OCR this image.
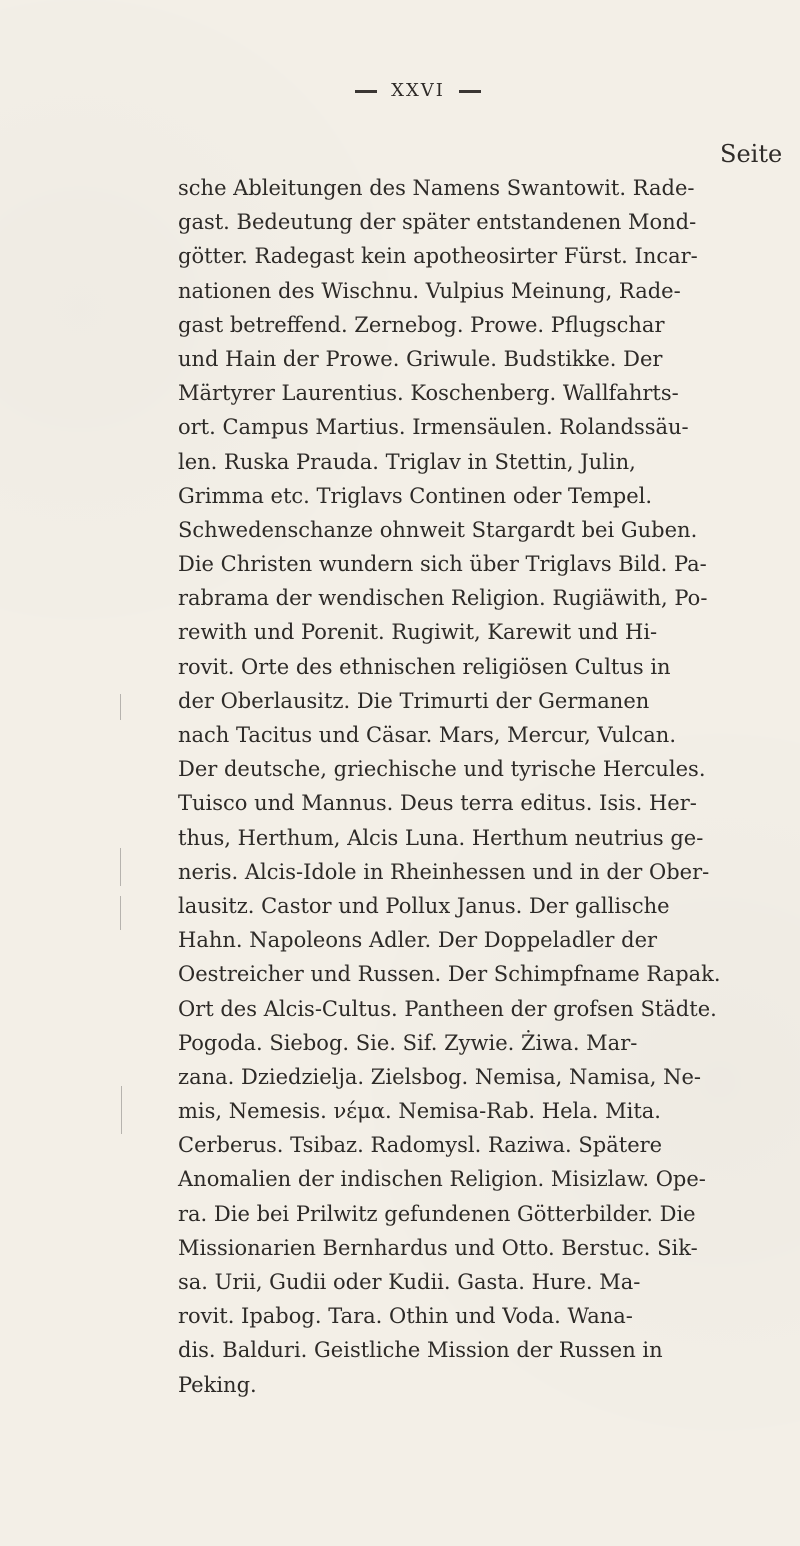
XXVI
Seite
sche Ableitungen des Namens Swantowit. Rade-
gast. Bedeutung der später entstandenen Mond-
götter. Radegast kein apotheosirter Fürst. Incar-
nationen des Wischnu. Vulpius Meinung, Rade-
gast betreffend. Zernebog. Prowe. Pflugschar
und Hain der Prowe. Griwule. Budstikke. Der
Märtyrer Laurentius. Koschenberg. Wallfahrts-
ort. Campus Martius. Irmensäulen. Rolandssäu-
len. Ruska Prauda. Triglav in Stettin, Julin,
Grimma etc. Triglavs Continen oder Tempel.
Schwedenschanze ohnweit Stargardt bei Guben.
Die Christen wundern sich über Triglavs Bild. Pa-
rabrama der wendischen Religion. Rugiäwith, Po-
rewith und Porenit. Rugiwit, Karewit und Hi-
rovit. Orte des ethnischen religiösen Cultus in
der Oberlausitz. Die Trimurti der Germanen
nach Tacitus und Cäsar. Mars, Mercur, Vulcan.
Der deutsche, griechische und tyrische Hercules.
Tuisco und Mannus. Deus terra editus. Isis. Her-
thus, Herthum, Alcis Luna. Herthum neutrius ge-
neris. Alcis-Idole in Rheinhessen und in der Ober-
lausitz. Castor und Pollux Janus. Der gallische
Hahn. Napoleons Adler. Der Doppeladler der
Oestreicher und Russen. Der Schimpfname Rapak.
Ort des Alcis-Cultus. Pantheen der grofsen Städte.
Pogoda. Siebog. Sie. Sif. Zywie. Żiwa. Mar-
zana. Dziedzielja. Zielsbog. Nemisa, Namisa, Ne-
mis, Nemesis. νέμα. Nemisa-Rab. Hela. Mita.
Cerberus. Tsibaz. Radomysl. Raziwa. Spätere
Anomalien der indischen Religion. Misizlaw. Ope-
ra. Die bei Prilwitz gefundenen Götterbilder. Die
Missionarien Bernhardus und Otto. Berstuc. Sik-
sa. Urii, Gudii oder Kudii. Gasta. Hure. Ma-
rovit. Ipabog. Tara. Othin und Voda. Wana-
dis. Balduri. Geistliche Mission der Russen in
Peking.
